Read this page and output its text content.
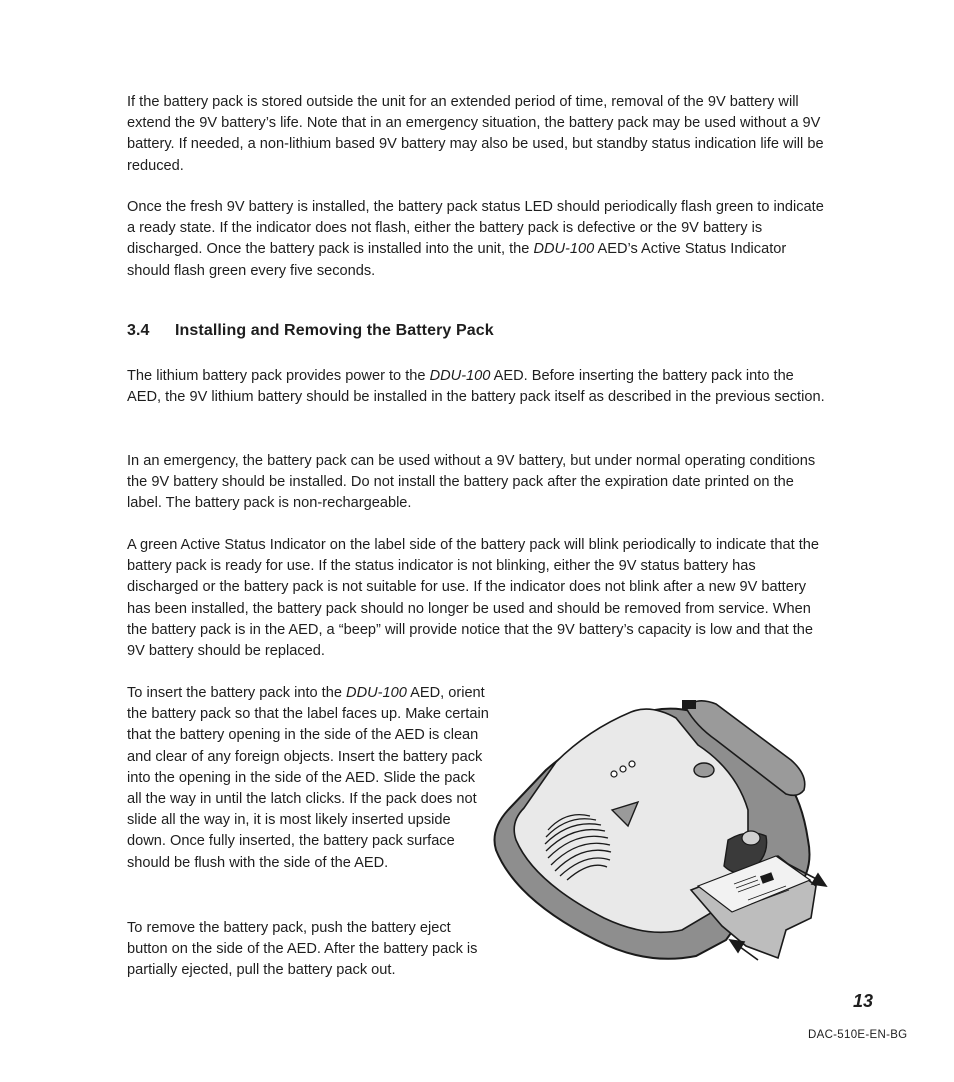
If the battery pack is stored outside the unit for an extended period of time, removal of the 9V battery will extend the 9V battery’s life. Note that in an emergency situation, the battery pack may be used without a 9V battery. If needed, a non-lithium based 9V battery may also be used, but standby status indication life will be reduced.

Once the fresh 9V battery is installed, the battery pack status LED should periodically flash green to indicate a ready state. If the indicator does not flash, either the battery pack is defective or the 9V battery is discharged. Once the battery pack is installed into the unit, the DDU-100 AED’s Active Status Indicator should flash green every five seconds.

3.4 Installing and Removing the Battery Pack

The lithium battery pack provides power to the DDU-100 AED. Before inserting the battery pack into the AED, the 9V lithium battery should be installed in the battery pack itself as described in the previous section.

In an emergency, the battery pack can be used without a 9V battery, but under normal operating conditions the 9V battery should be installed. Do not install the battery pack after the expiration date printed on the label. The battery pack is non-rechargeable.

A green Active Status Indicator on the label side of the battery pack will blink periodically to indicate that the battery pack is ready for use. If the status indicator is not blinking, either the 9V status battery has discharged or the battery pack is not suitable for use. If the indicator does not blink after a new 9V battery has been installed, the battery pack should no longer be used and should be removed from service. When the battery pack is in the AED, a “beep” will provide notice that the 9V battery’s capacity is low and that the 9V battery should be replaced.

To insert the battery pack into the DDU-100 AED, orient the battery pack so that the label faces up. Make certain that the battery opening in the side of the AED is clean and clear of any foreign objects. Insert the battery pack into the opening in the side of the AED. Slide the pack all the way in until the latch clicks. If the pack does not slide all the way in, it is most likely inserted upside down. Once fully inserted, the battery pack surface should be flush with the side of the AED.

To remove the battery pack, push the battery eject button on the side of the AED. After the battery pack is partially ejected, pull the battery pack out.

13
DAC-510E-EN-BG
